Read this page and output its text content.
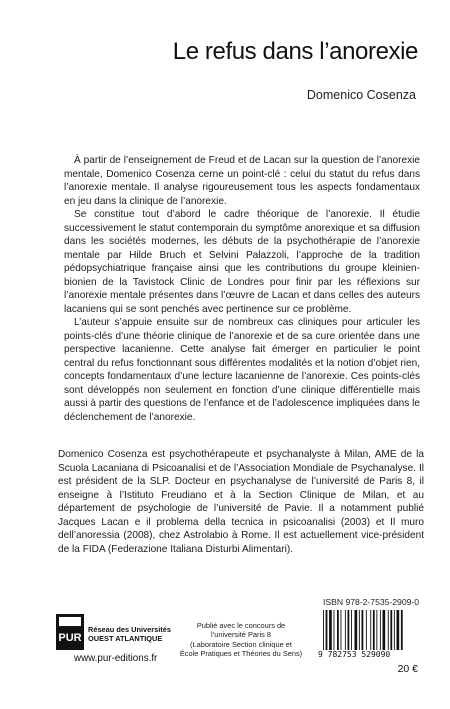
Le refus dans l’anorexie
Domenico Cosenza

À partir de l’enseignement de Freud et de Lacan sur la question de l’anorexie mentale, Domenico Cosenza cerne un point-clé : celui du statut du refus dans l’anorexie mentale. Il analyse rigoureusement tous les aspects fondamentaux en jeu dans la clinique de l’anorexie.

Se constitue tout d’abord le cadre théorique de l’anorexie. Il étudie successivement le statut contemporain du symptôme anorexique et sa diffusion dans les sociétés modernes, les débuts de la psychothérapie de l’anorexie mentale par Hilde Bruch et Selvini Palazzoli, l’approche de la tradition pédopsychiatrique française ainsi que les contributions du groupe kleinien-bionien de la Tavistock Clinic de Londres pour finir par les réflexions sur l’anorexie mentale présentes dans l’œuvre de Lacan et dans celles des auteurs lacaniens qui se sont penchés avec pertinence sur ce problème.

L’auteur s’appuie ensuite sur de nombreux cas cliniques pour articuler les points-clés d’une théorie clinique de l’anorexie et de sa cure orientée dans une perspective lacanienne. Cette analyse fait émerger en particulier le point central du refus fonctionnant sous différentes modalités et la notion d’objet rien, concepts fondamentaux d’une lecture lacanienne de l’anorexie. Ces points-clés sont développés non seulement en fonction d’une clinique différentielle mais aussi à partir des questions de l’enfance et de l’adolescence impliquées dans le déclenchement de l’anorexie.

Domenico Cosenza est psychothérapeute et psychanalyste à Milan, AME de la Scuola Lacaniana di Psicoanalisi et de l’Association Mondiale de Psychanalyse. Il est président de la SLP. Docteur en psychanalyse de l’université de Paris 8, il enseigne à l’Istituto Freudiano et à la Section Clinique de Milan, et au département de psychologie de l’université de Pavie. Il a notamment publié Jacques Lacan e il problema della tecnica in psicoanalisi (2003) et Il muro dell’anoressia (2008), chez Astrolabio à Rome. Il est actuellement vice-président de la FIDA (Federazione Italiana Disturbi Alimentari).

PUR
Réseau des Universités
OUEST ATLANTIQUE
www.pur-editions.fr
Publié avec le concours de
l’université Paris 8
(Laboratoire Section clinique et
École Pratiques et Théories du Sens)
ISBN 978-2-7535-2909-0
9 782753 529090
20 €
